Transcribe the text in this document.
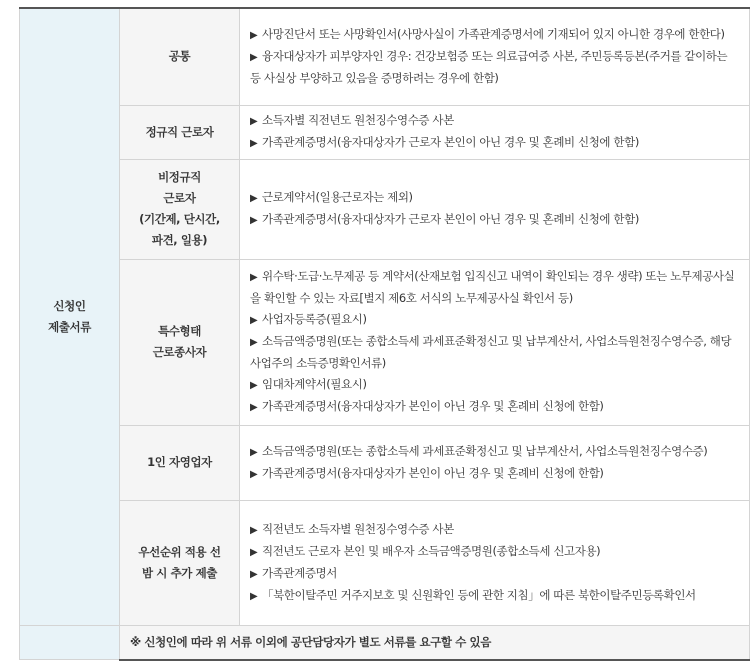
신청인
제출서류	공통	▶ 사망진단서 또는 사망확인서(사망사실이 가족관계증명서에 기재되어 있지 아니한 경우에 한한다)
▶ 융자대상자가 피부양자인 경우: 건강보험증 또는 의료급여증 사본, 주민등록등본(주거를 같이하는 등 사실상 부양하고 있음을 증명하려는 경우에 한함)

	정규직 근로자	▶ 소득자별 직전년도 원천징수영수증 사본
▶ 가족관계증명서(융자대상자가 근로자 본인이 아닌 경우 및 혼례비 신청에 한함)

	비정규직
근로자
(기간제, 단시간,
파견, 일용)	▶ 근로계약서(일용근로자는 제외)
▶ 가족관계증명서(융자대상자가 근로자 본인이 아닌 경우 및 혼례비 신청에 한함)

	특수형태
근로종사자	▶ 위수탁·도급·노무제공 등 계약서(산재보험 입직신고 내역이 확인되는 경우 생략) 또는 노무제공사실을 확인할 수 있는 자료[별지 제6호 서식의 노무제공사실 확인서 등)
▶ 사업자등록증(필요시)
▶ 소득금액증명원(또는 종합소득세 과세표준확정신고 및 납부계산서, 사업소득원천징수영수증, 해당 사업주의 소득증명확인서류)
▶ 임대차계약서(필요시)
▶ 가족관계증명서(융자대상자가 본인이 아닌 경우 및 혼례비 신청에 한함)

	1인 자영업자	▶ 소득금액증명원(또는 종합소득세 과세표준확정신고 및 납부계산서, 사업소득원천징수영수증)
▶ 가족관계증명서(융자대상자가 본인이 아닌 경우 및 혼례비 신청에 한함)

	우선순위 적용 선
밤 시 추가 제출	▶ 직전년도 소득자별 원천징수영수증 사본
▶ 직전년도 근로자 본인 및 배우자 소득금액증명원(종합소득세 신고자용)
▶ 가족관계증명서
▶ 「북한이탈주민 거주지보호 및 신원확인 등에 관한 지침」에 따른 북한이탈주민등록확인서

	※ 신청인에 따라 위 서류 이외에 공단담당자가 별도 서류를 요구할 수 있음	
